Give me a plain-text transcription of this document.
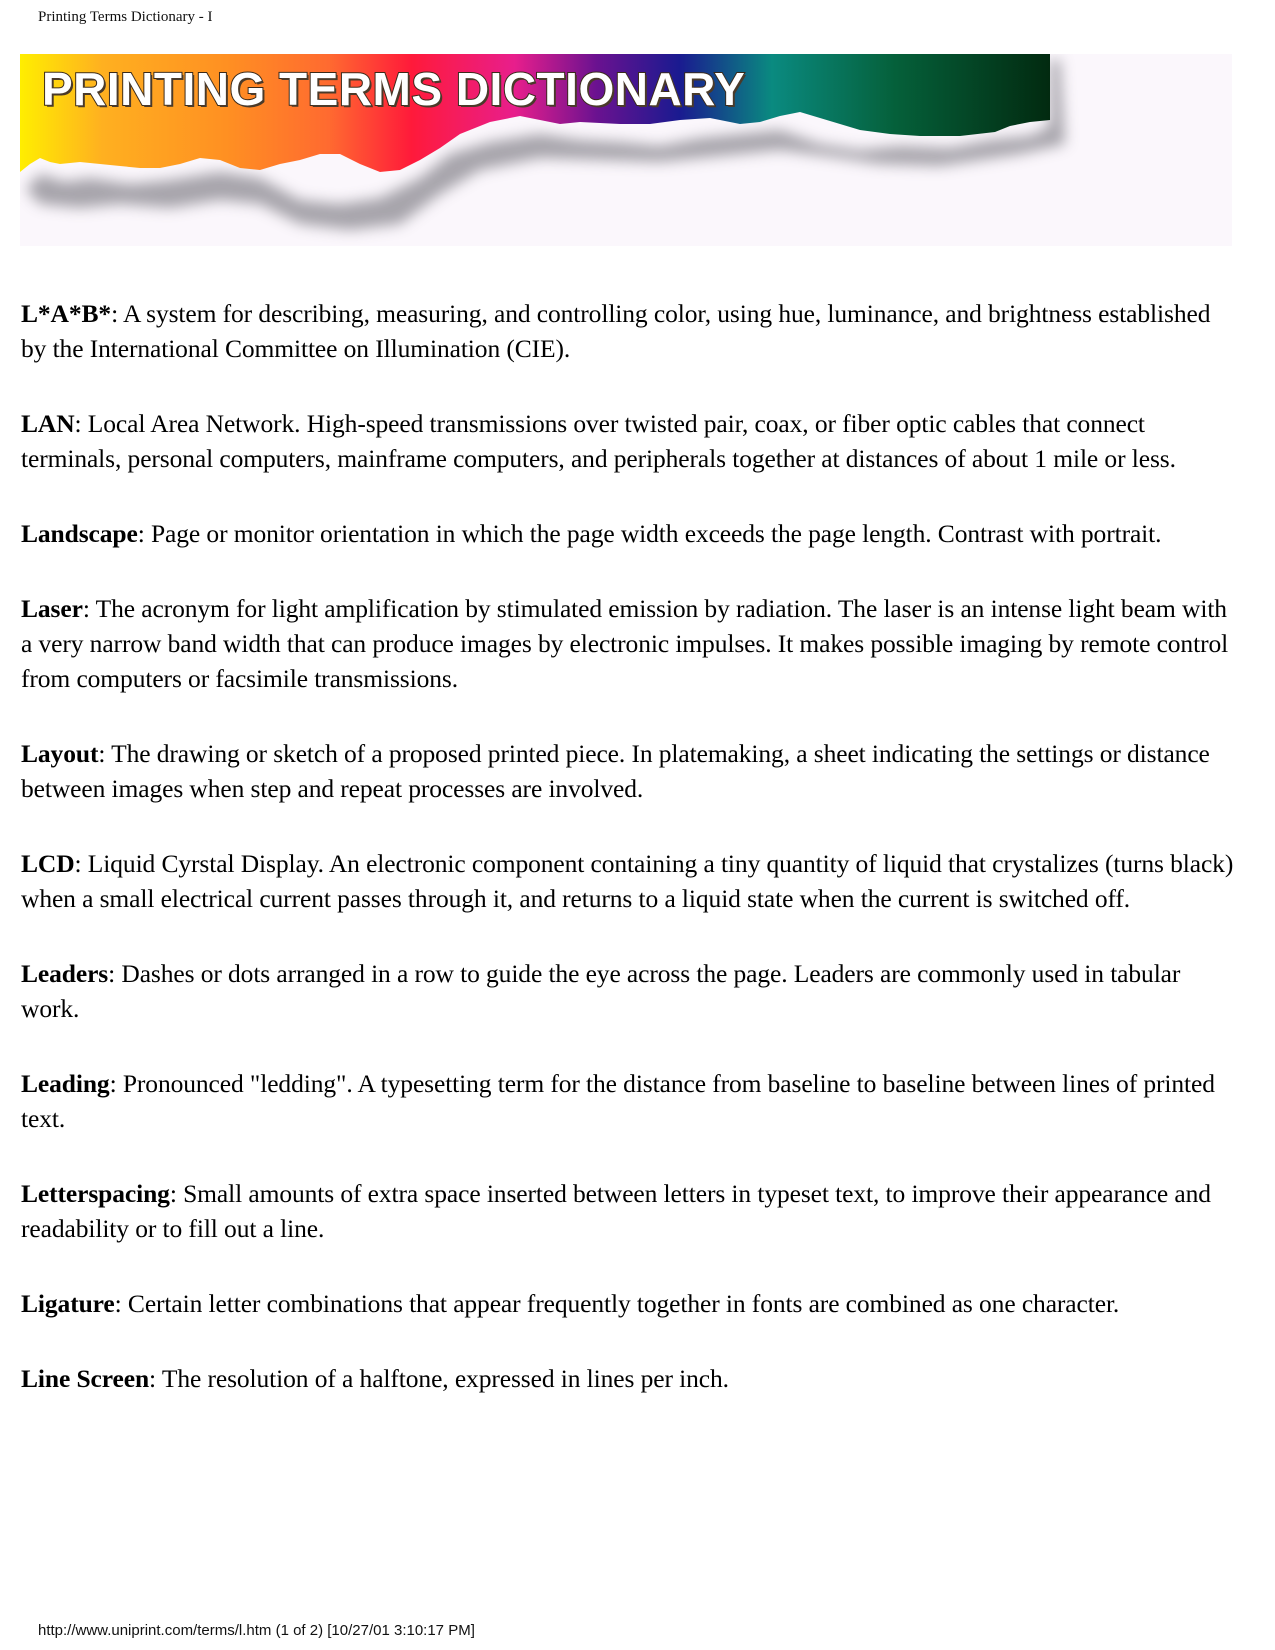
Printing Terms Dictionary - I
PRINTING TERMS DICTIONARY

L*A*B*: A system for describing, measuring, and controlling color, using hue, luminance, and brightness established by the International Committee on Illumination (CIE).

LAN: Local Area Network. High-speed transmissions over twisted pair, coax, or fiber optic cables that connect terminals, personal computers, mainframe computers, and peripherals together at distances of about 1 mile or less.

Landscape: Page or monitor orientation in which the page width exceeds the page length. Contrast with portrait.

Laser: The acronym for light amplification by stimulated emission by radiation. The laser is an intense light beam with a very narrow band width that can produce images by electronic impulses. It makes possible imaging by remote control from computers or facsimile transmissions.

Layout: The drawing or sketch of a proposed printed piece. In platemaking, a sheet indicating the settings or distance between images when step and repeat processes are involved.

LCD: Liquid Cyrstal Display. An electronic component containing a tiny quantity of liquid that crystalizes (turns black) when a small electrical current passes through it, and returns to a liquid state when the current is switched off.

Leaders: Dashes or dots arranged in a row to guide the eye across the page. Leaders are commonly used in tabular work.

Leading: Pronounced "ledding". A typesetting term for the distance from baseline to baseline between lines of printed text.

Letterspacing: Small amounts of extra space inserted between letters in typeset text, to improve their appearance and readability or to fill out a line.

Ligature: Certain letter combinations that appear frequently together in fonts are combined as one character.

Line Screen: The resolution of a halftone, expressed in lines per inch.

http://www.uniprint.com/terms/l.htm (1 of 2) [10/27/01 3:10:17 PM]
